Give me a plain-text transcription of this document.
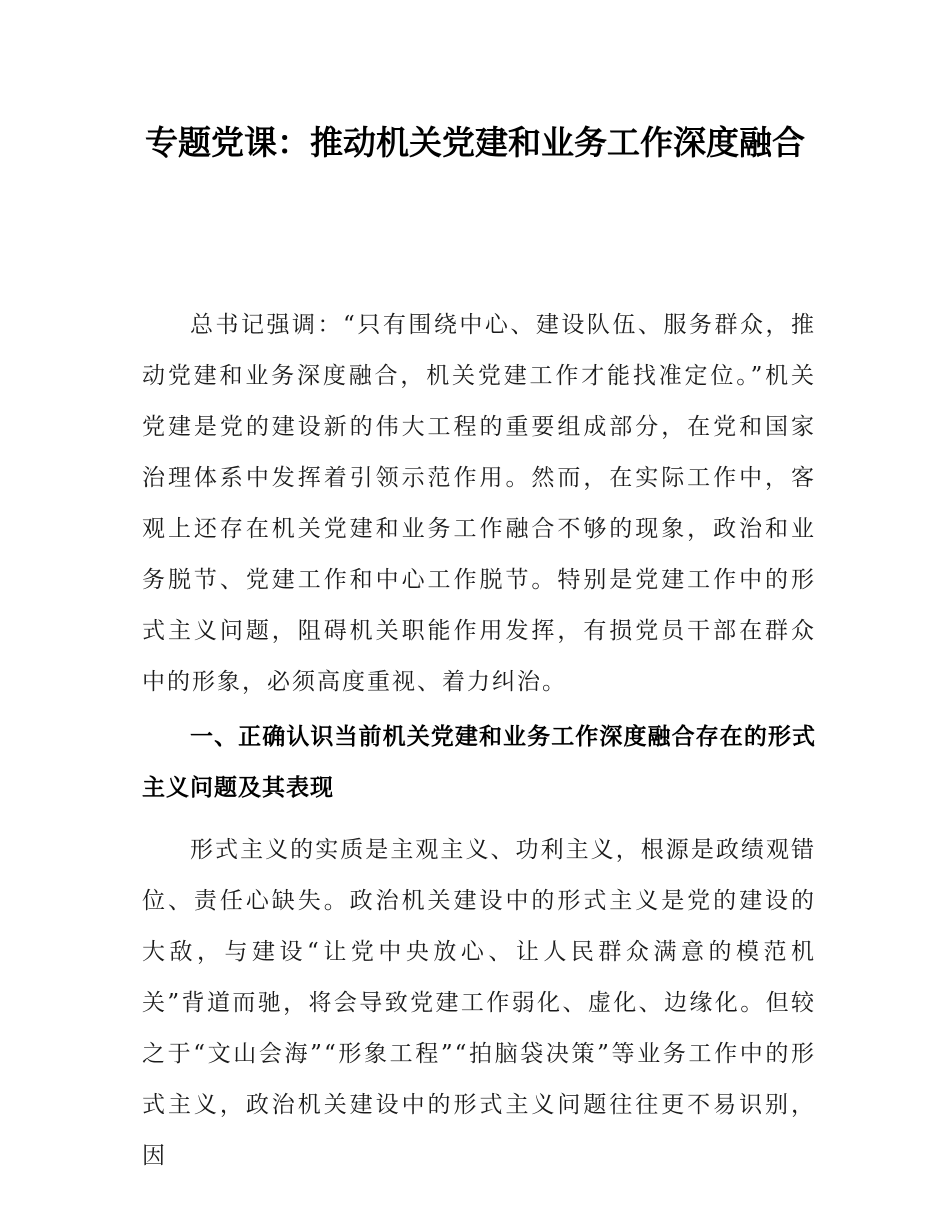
专题党课：推动机关党建和业务工作深度融合

总书记强调：“只有围绕中心、建设队伍、服务群众，推动党建和业务深度融合，机关党建工作才能找准定位。”机关党建是党的建设新的伟大工程的重要组成部分，在党和国家治理体系中发挥着引领示范作用。然而，在实际工作中，客观上还存在机关党建和业务工作融合不够的现象，政治和业务脱节、党建工作和中心工作脱节。特别是党建工作中的形式主义问题，阻碍机关职能作用发挥，有损党员干部在群众中的形象，必须高度重视、着力纠治。

一、正确认识当前机关党建和业务工作深度融合存在的形式主义问题及其表现

形式主义的实质是主观主义、功利主义，根源是政绩观错位、责任心缺失。政治机关建设中的形式主义是党的建设的大敌，与建设“让党中央放心、让人民群众满意的模范机关”背道而驰，将会导致党建工作弱化、虚化、边缘化。但较之于“文山会海”“形象工程”“拍脑袋决策”等业务工作中的形式主义，政治机关建设中的形式主义问题往往更不易识别，因
